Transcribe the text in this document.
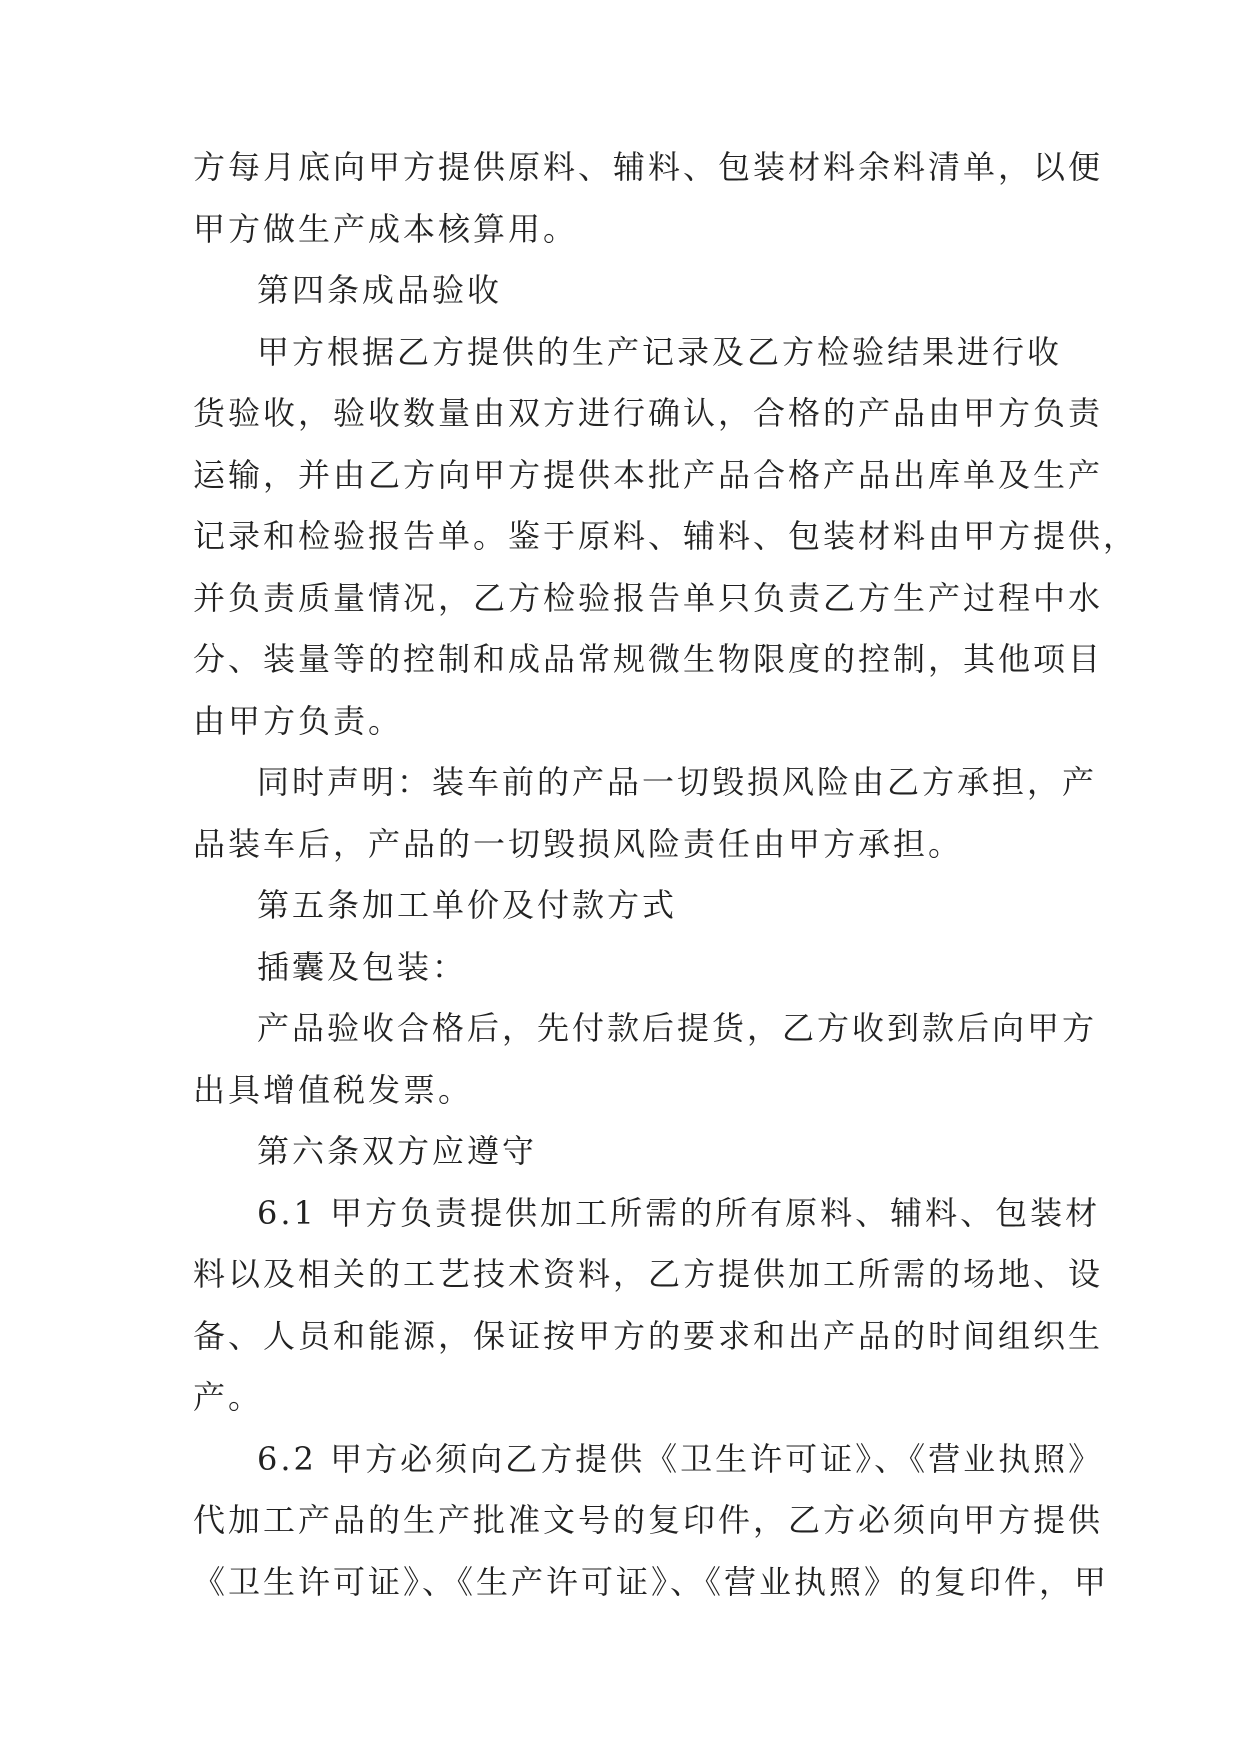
方每月底向甲方提供原料、辅料、包装材料余料清单，以便
甲方做生产成本核算用。
第四条成品验收
甲方根据乙方提供的生产记录及乙方检验结果进行收
货验收，验收数量由双方进行确认，合格的产品由甲方负责
运输，并由乙方向甲方提供本批产品合格产品出库单及生产
记录和检验报告单。鉴于原料、辅料、包装材料由甲方提供，
并负责质量情况，乙方检验报告单只负责乙方生产过程中水
分、装量等的控制和成品常规微生物限度的控制，其他项目
由甲方负责。
同时声明：装车前的产品一切毁损风险由乙方承担，产
品装车后，产品的一切毁损风险责任由甲方承担。
第五条加工单价及付款方式
插囊及包装：
产品验收合格后，先付款后提货，乙方收到款后向甲方
出具增值税发票。
第六条双方应遵守
6.1 甲方负责提供加工所需的所有原料、辅料、包装材
料以及相关的工艺技术资料，乙方提供加工所需的场地、设
备、人员和能源，保证按甲方的要求和出产品的时间组织生
产。
6.2 甲方必须向乙方提供《卫生许可证》、《营业执照》
代加工产品的生产批准文号的复印件，乙方必须向甲方提供
《卫生许可证》、《生产许可证》、《营业执照》的复印件，甲
